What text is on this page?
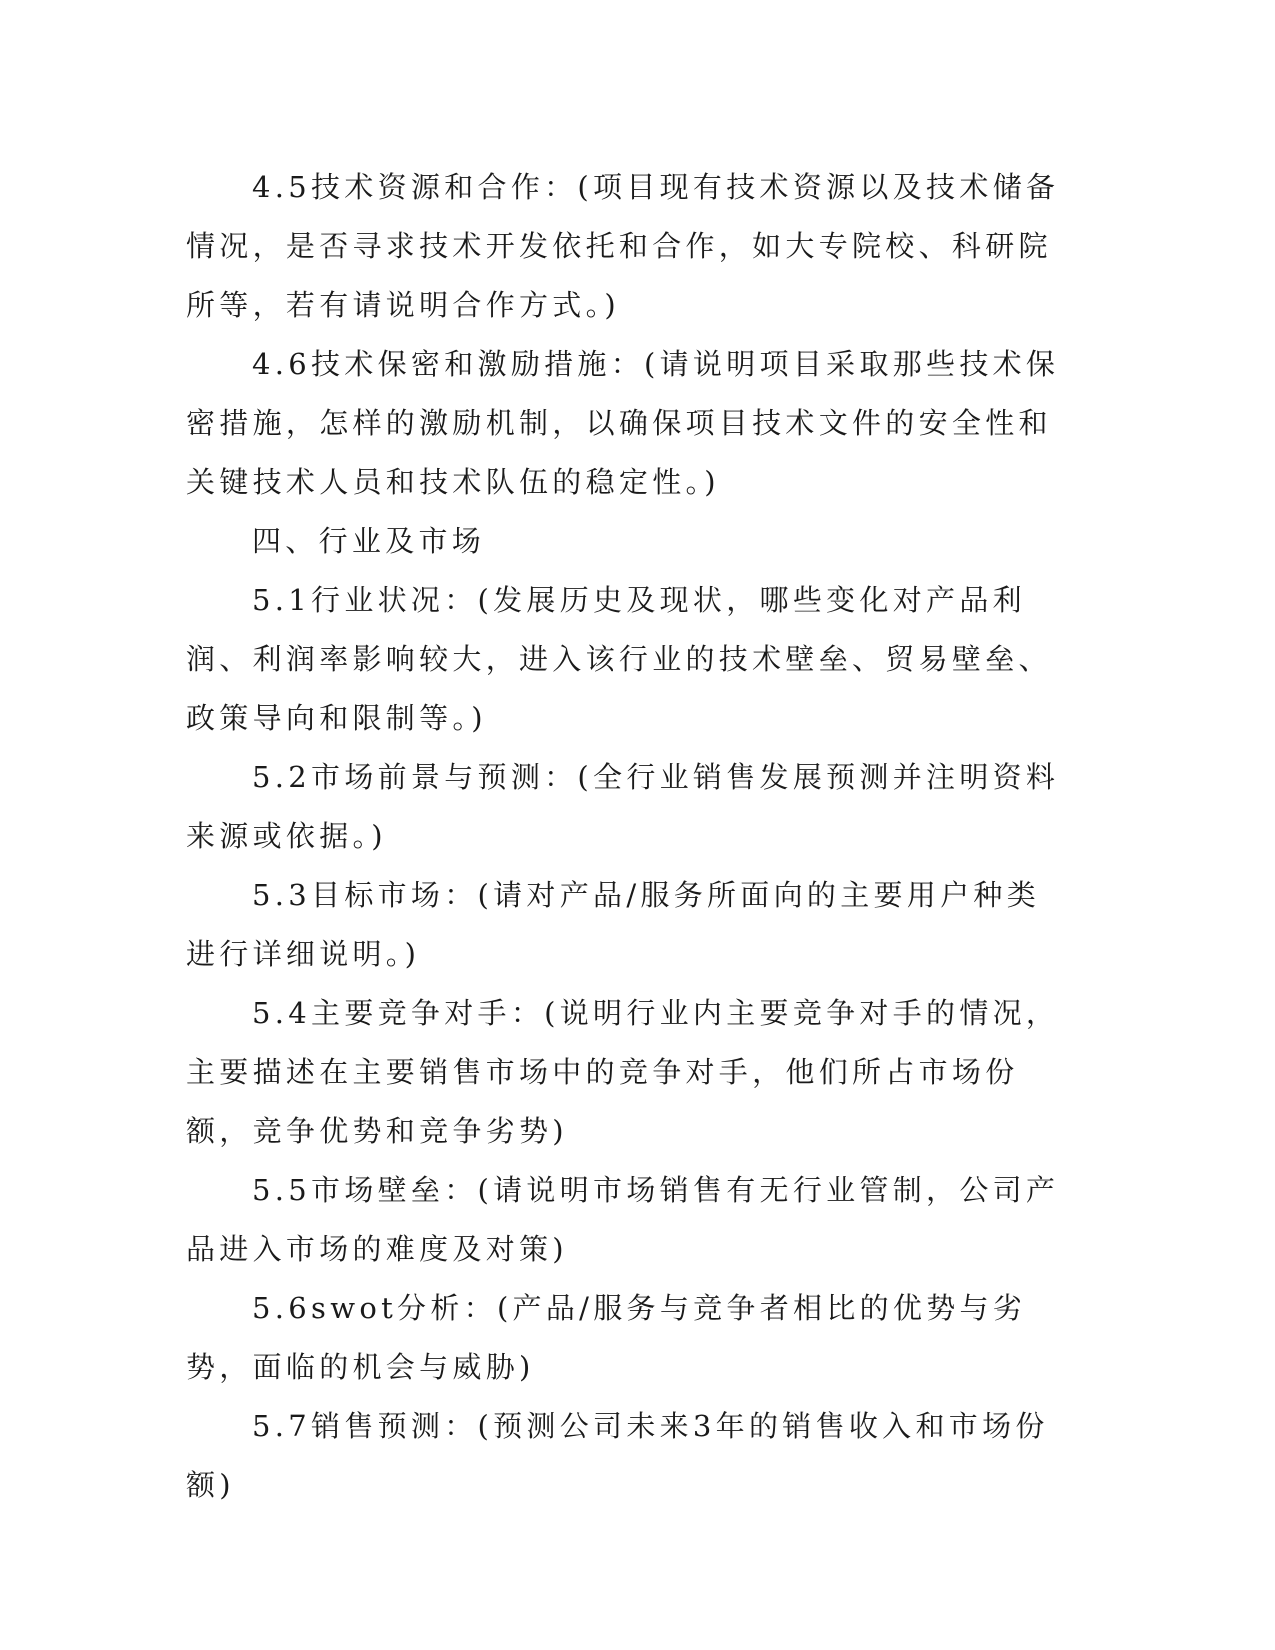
4.5技术资源和合作：(项目现有技术资源以及技术储备情况，是否寻求技术开发依托和合作，如大专院校、科研院所等，若有请说明合作方式。)

4.6技术保密和激励措施：(请说明项目采取那些技术保密措施，怎样的激励机制，以确保项目技术文件的安全性和关键技术人员和技术队伍的稳定性。)

四、行业及市场

5.1行业状况：(发展历史及现状，哪些变化对产品利润、利润率影响较大，进入该行业的技术壁垒、贸易壁垒、政策导向和限制等。)

5.2市场前景与预测：(全行业销售发展预测并注明资料来源或依据。)

5.3目标市场：(请对产品/服务所面向的主要用户种类进行详细说明。)

5.4主要竞争对手：(说明行业内主要竞争对手的情况，主要描述在主要销售市场中的竞争对手，他们所占市场份额，竞争优势和竞争劣势)

5.5市场壁垒：(请说明市场销售有无行业管制，公司产品进入市场的难度及对策)

5.6swot分析：(产品/服务与竞争者相比的优势与劣势，面临的机会与威胁)

5.7销售预测：(预测公司未来3年的销售收入和市场份额)
